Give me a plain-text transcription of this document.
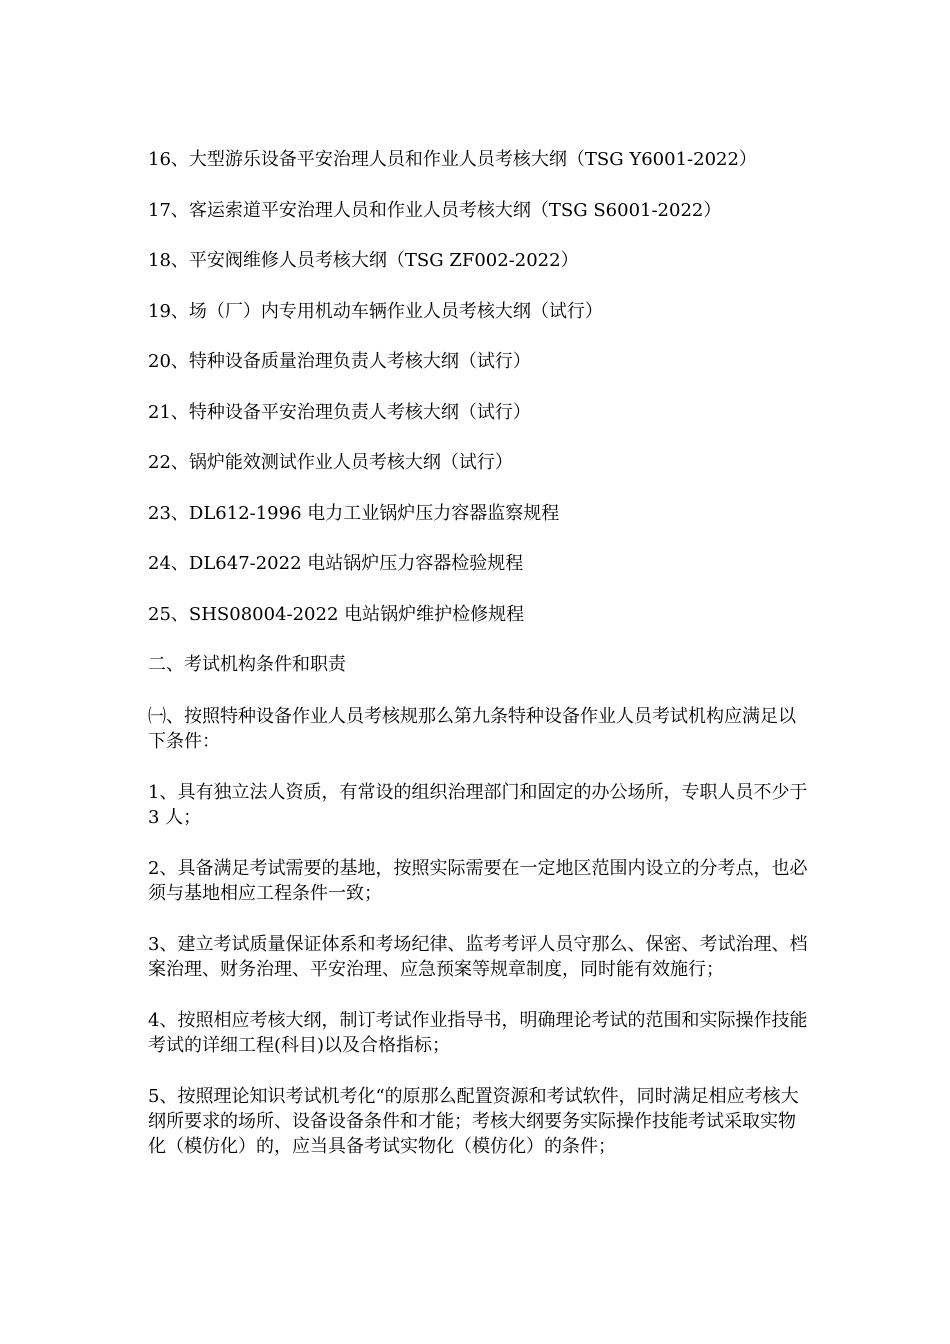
16、大型游乐设备平安治理人员和作业人员考核大纲（TSG Y6001-2022）

17、客运索道平安治理人员和作业人员考核大纲（TSG S6001-2022）

18、平安阀维修人员考核大纲（TSG ZF002-2022）

19、场（厂）内专用机动车辆作业人员考核大纲（试行）

20、特种设备质量治理负责人考核大纲（试行）

21、特种设备平安治理负责人考核大纲（试行）

22、锅炉能效测试作业人员考核大纲（试行）

23、DL612-1996 电力工业锅炉压力容器监察规程

24、DL647-2022 电站锅炉压力容器检验规程

25、SHS08004-2022 电站锅炉维护检修规程

二、考试机构条件和职责

㈠、按照特种设备作业人员考核规那么第九条特种设备作业人员考试机构应满足以下条件：

1、具有独立法人资质，有常设的组织治理部门和固定的办公场所，专职人员不少于 3 人；

2、具备满足考试需要的基地，按照实际需要在一定地区范围内设立的分考点，也必须与基地相应工程条件一致；

3、建立考试质量保证体系和考场纪律、监考考评人员守那么、保密、考试治理、档案治理、财务治理、平安治理、应急预案等规章制度，同时能有效施行；

4、按照相应考核大纲，制订考试作业指导书，明确理论考试的范围和实际操作技能考试的详细工程(科目)以及合格指标；

5、按照理论知识考试机考化“的原那么配置资源和考试软件，同时满足相应考核大纲所要求的场所、设备设备条件和才能；考核大纲要务实际操作技能考试采取实物化（模仿化）的，应当具备考试实物化（模仿化）的条件；
